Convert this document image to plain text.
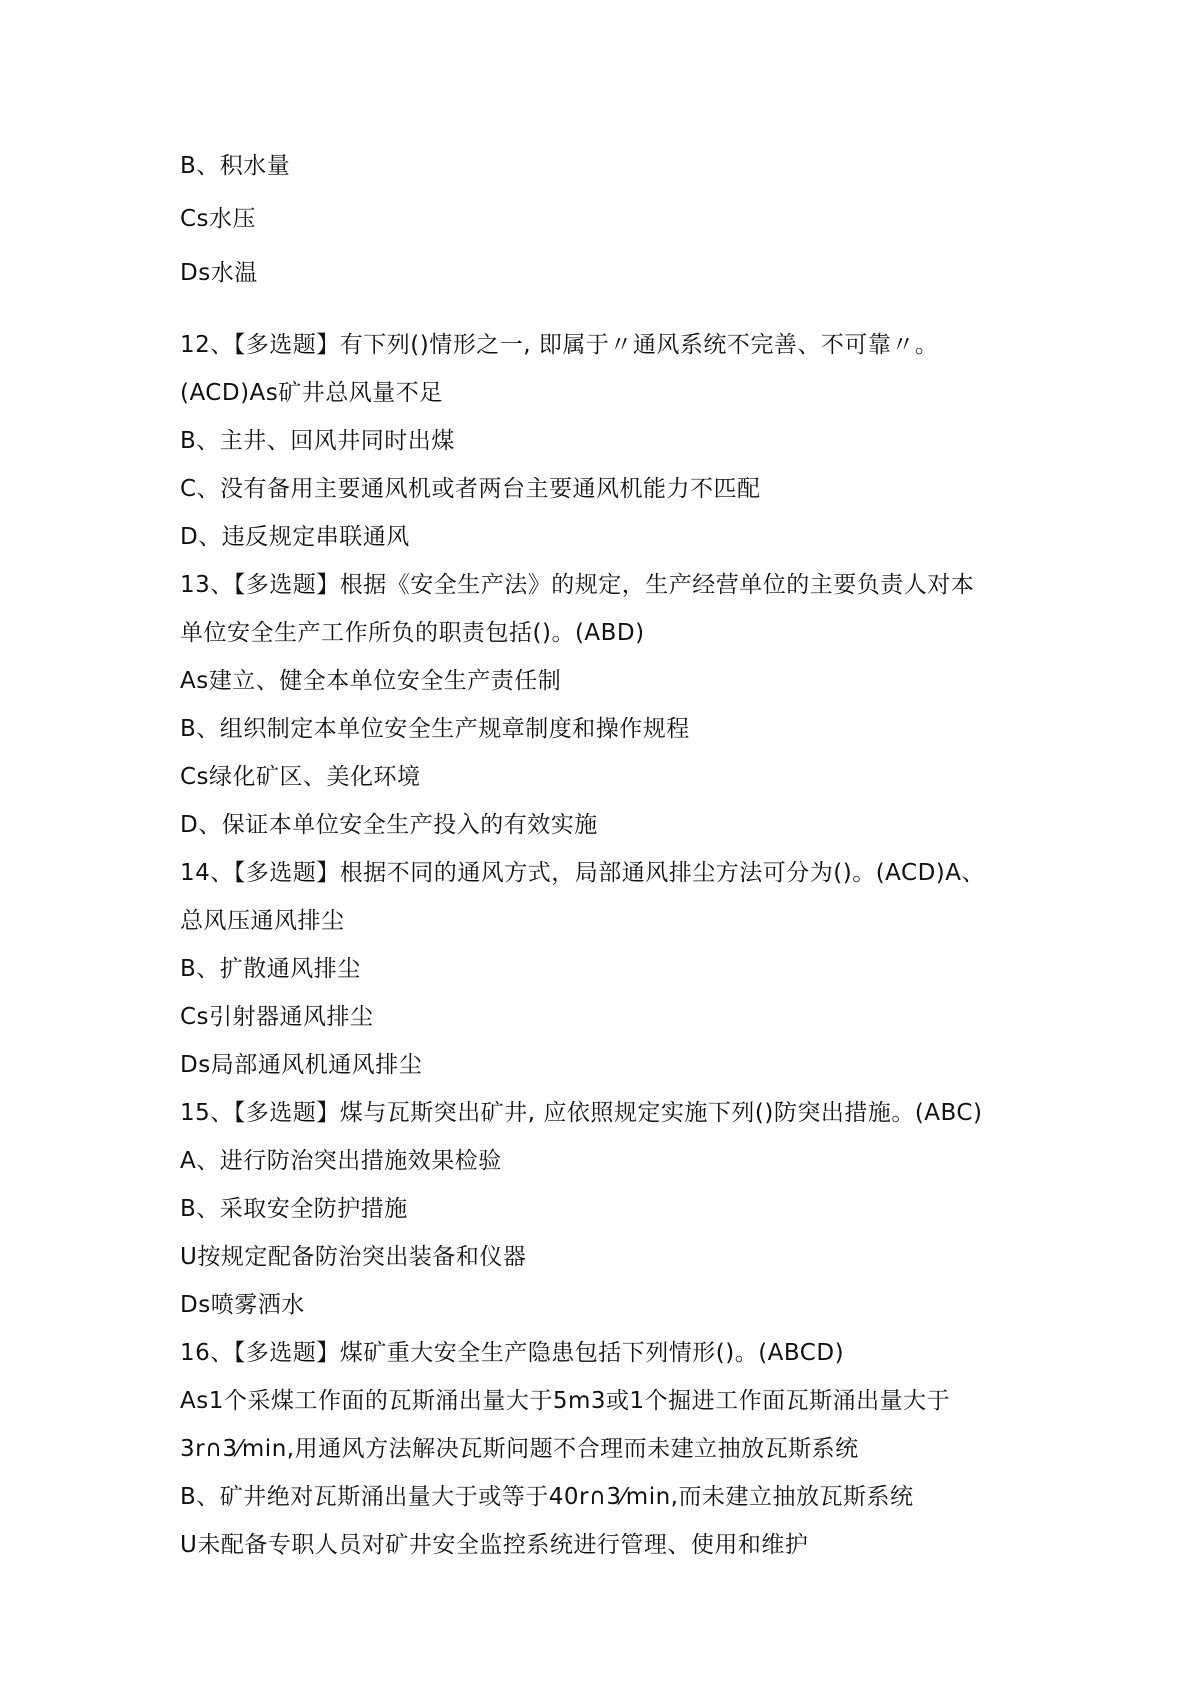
B、积水量
Cs水压
Ds水温
12、【多选题】有下列()情形之一, 即属于〃通风系统不完善、不可靠〃。
(ACD)As矿井总风量不足
B、主井、回风井同时出煤
C、没有备用主要通风机或者两台主要通风机能力不匹配
D、违反规定串联通风
13、【多选题】根据《安全生产法》的规定，生产经营单位的主要负责人对本
单位安全生产工作所负的职责包括()。(ABD)
As建立、健全本单位安全生产责任制
B、组织制定本单位安全生产规章制度和操作规程
Cs绿化矿区、美化环境
D、保证本单位安全生产投入的有效实施
14、【多选题】根据不同的通风方式，局部通风排尘方法可分为()。(ACD)A、
总风压通风排尘
B、扩散通风排尘
Cs引射器通风排尘
Ds局部通风机通风排尘
15、【多选题】煤与瓦斯突出矿井, 应依照规定实施下列()防突出措施。(ABC)
A、进行防治突出措施效果检验
B、采取安全防护措施
U按规定配备防治突出装备和仪器
Ds喷雾洒水
16、【多选题】煤矿重大安全生产隐患包括下列情形()。(ABCD)
As1个采煤工作面的瓦斯涌出量大于5m3或1个掘进工作面瓦斯涌出量大于
3r∩3⁄min,用通风方法解决瓦斯问题不合理而未建立抽放瓦斯系统
B、矿井绝对瓦斯涌出量大于或等于40r∩3⁄min,而未建立抽放瓦斯系统
U未配备专职人员对矿井安全监控系统进行管理、使用和维护
